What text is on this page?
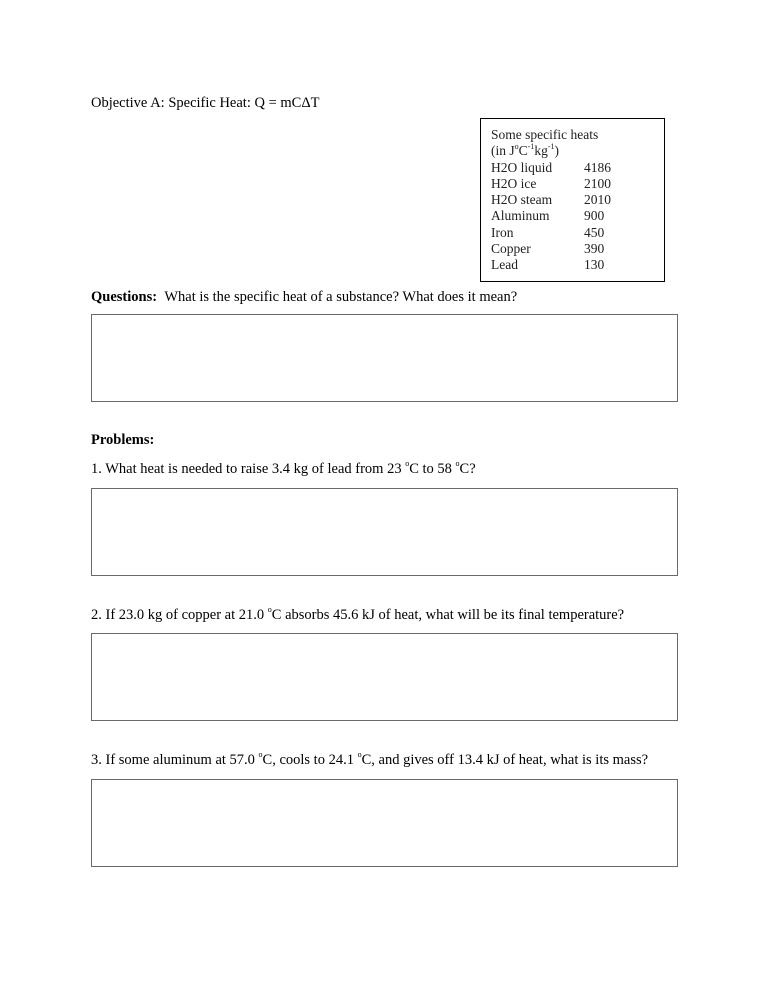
Objective A: Specific Heat: Q = mCΔT
Some specific heats
(in $J^oC^{-1}kg^{-1}$)
H2O liquid	4186
H2O ice	2100
H2O steam	2010
Aluminum	900
Iron	450
Copper	390
Lead	130
Questions: What is the specific heat of a substance? What does it mean?
Problems:
1. What heat is needed to raise 3.4 kg of lead from 23 $^o$C to 58 $^o$C?
2. If 23.0 kg of copper at 21.0 $^o$C absorbs 45.6 kJ of heat, what will be its final temperature?
3. If some aluminum at 57.0 $^o$C, cools to 24.1 $^o$C, and gives off 13.4 kJ of heat, what is its mass?
